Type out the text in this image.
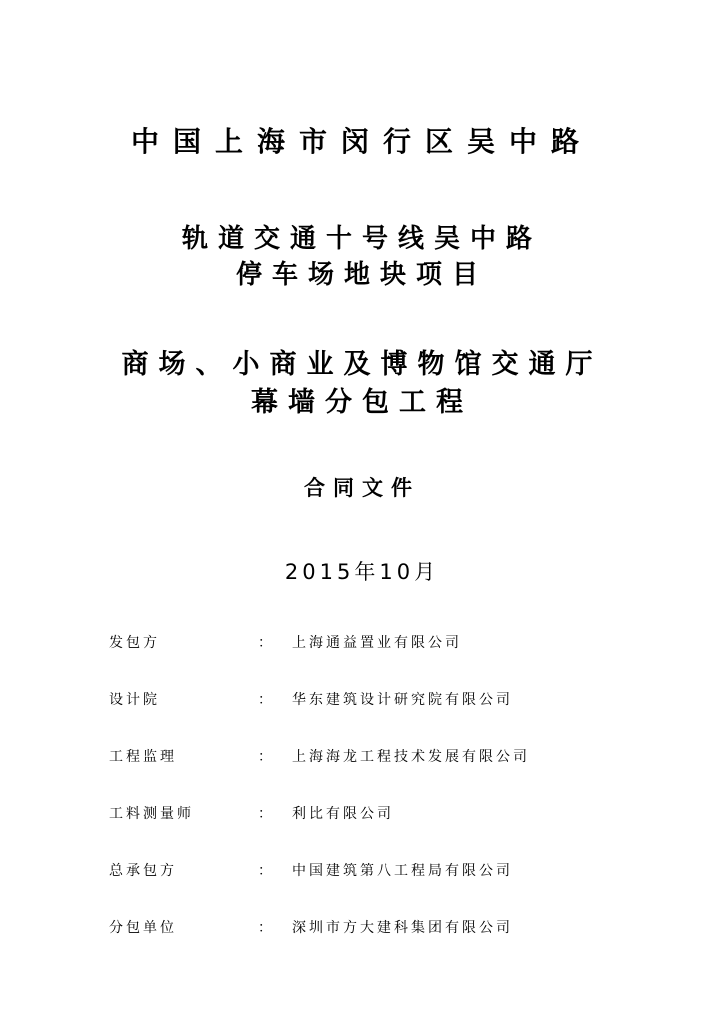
中国上海市闵行区吴中路
轨道交通十号线吴中路
停车场地块项目
商场、小商业及博物馆交通厅
幕墙分包工程
合同文件
2015年10月
发包方	： 上海通益置业有限公司
设计院	： 华东建筑设计研究院有限公司
工程监理	： 上海海龙工程技术发展有限公司
工料测量师	： 利比有限公司
总承包方	： 中国建筑第八工程局有限公司
分包单位	： 深圳市方大建科集团有限公司
